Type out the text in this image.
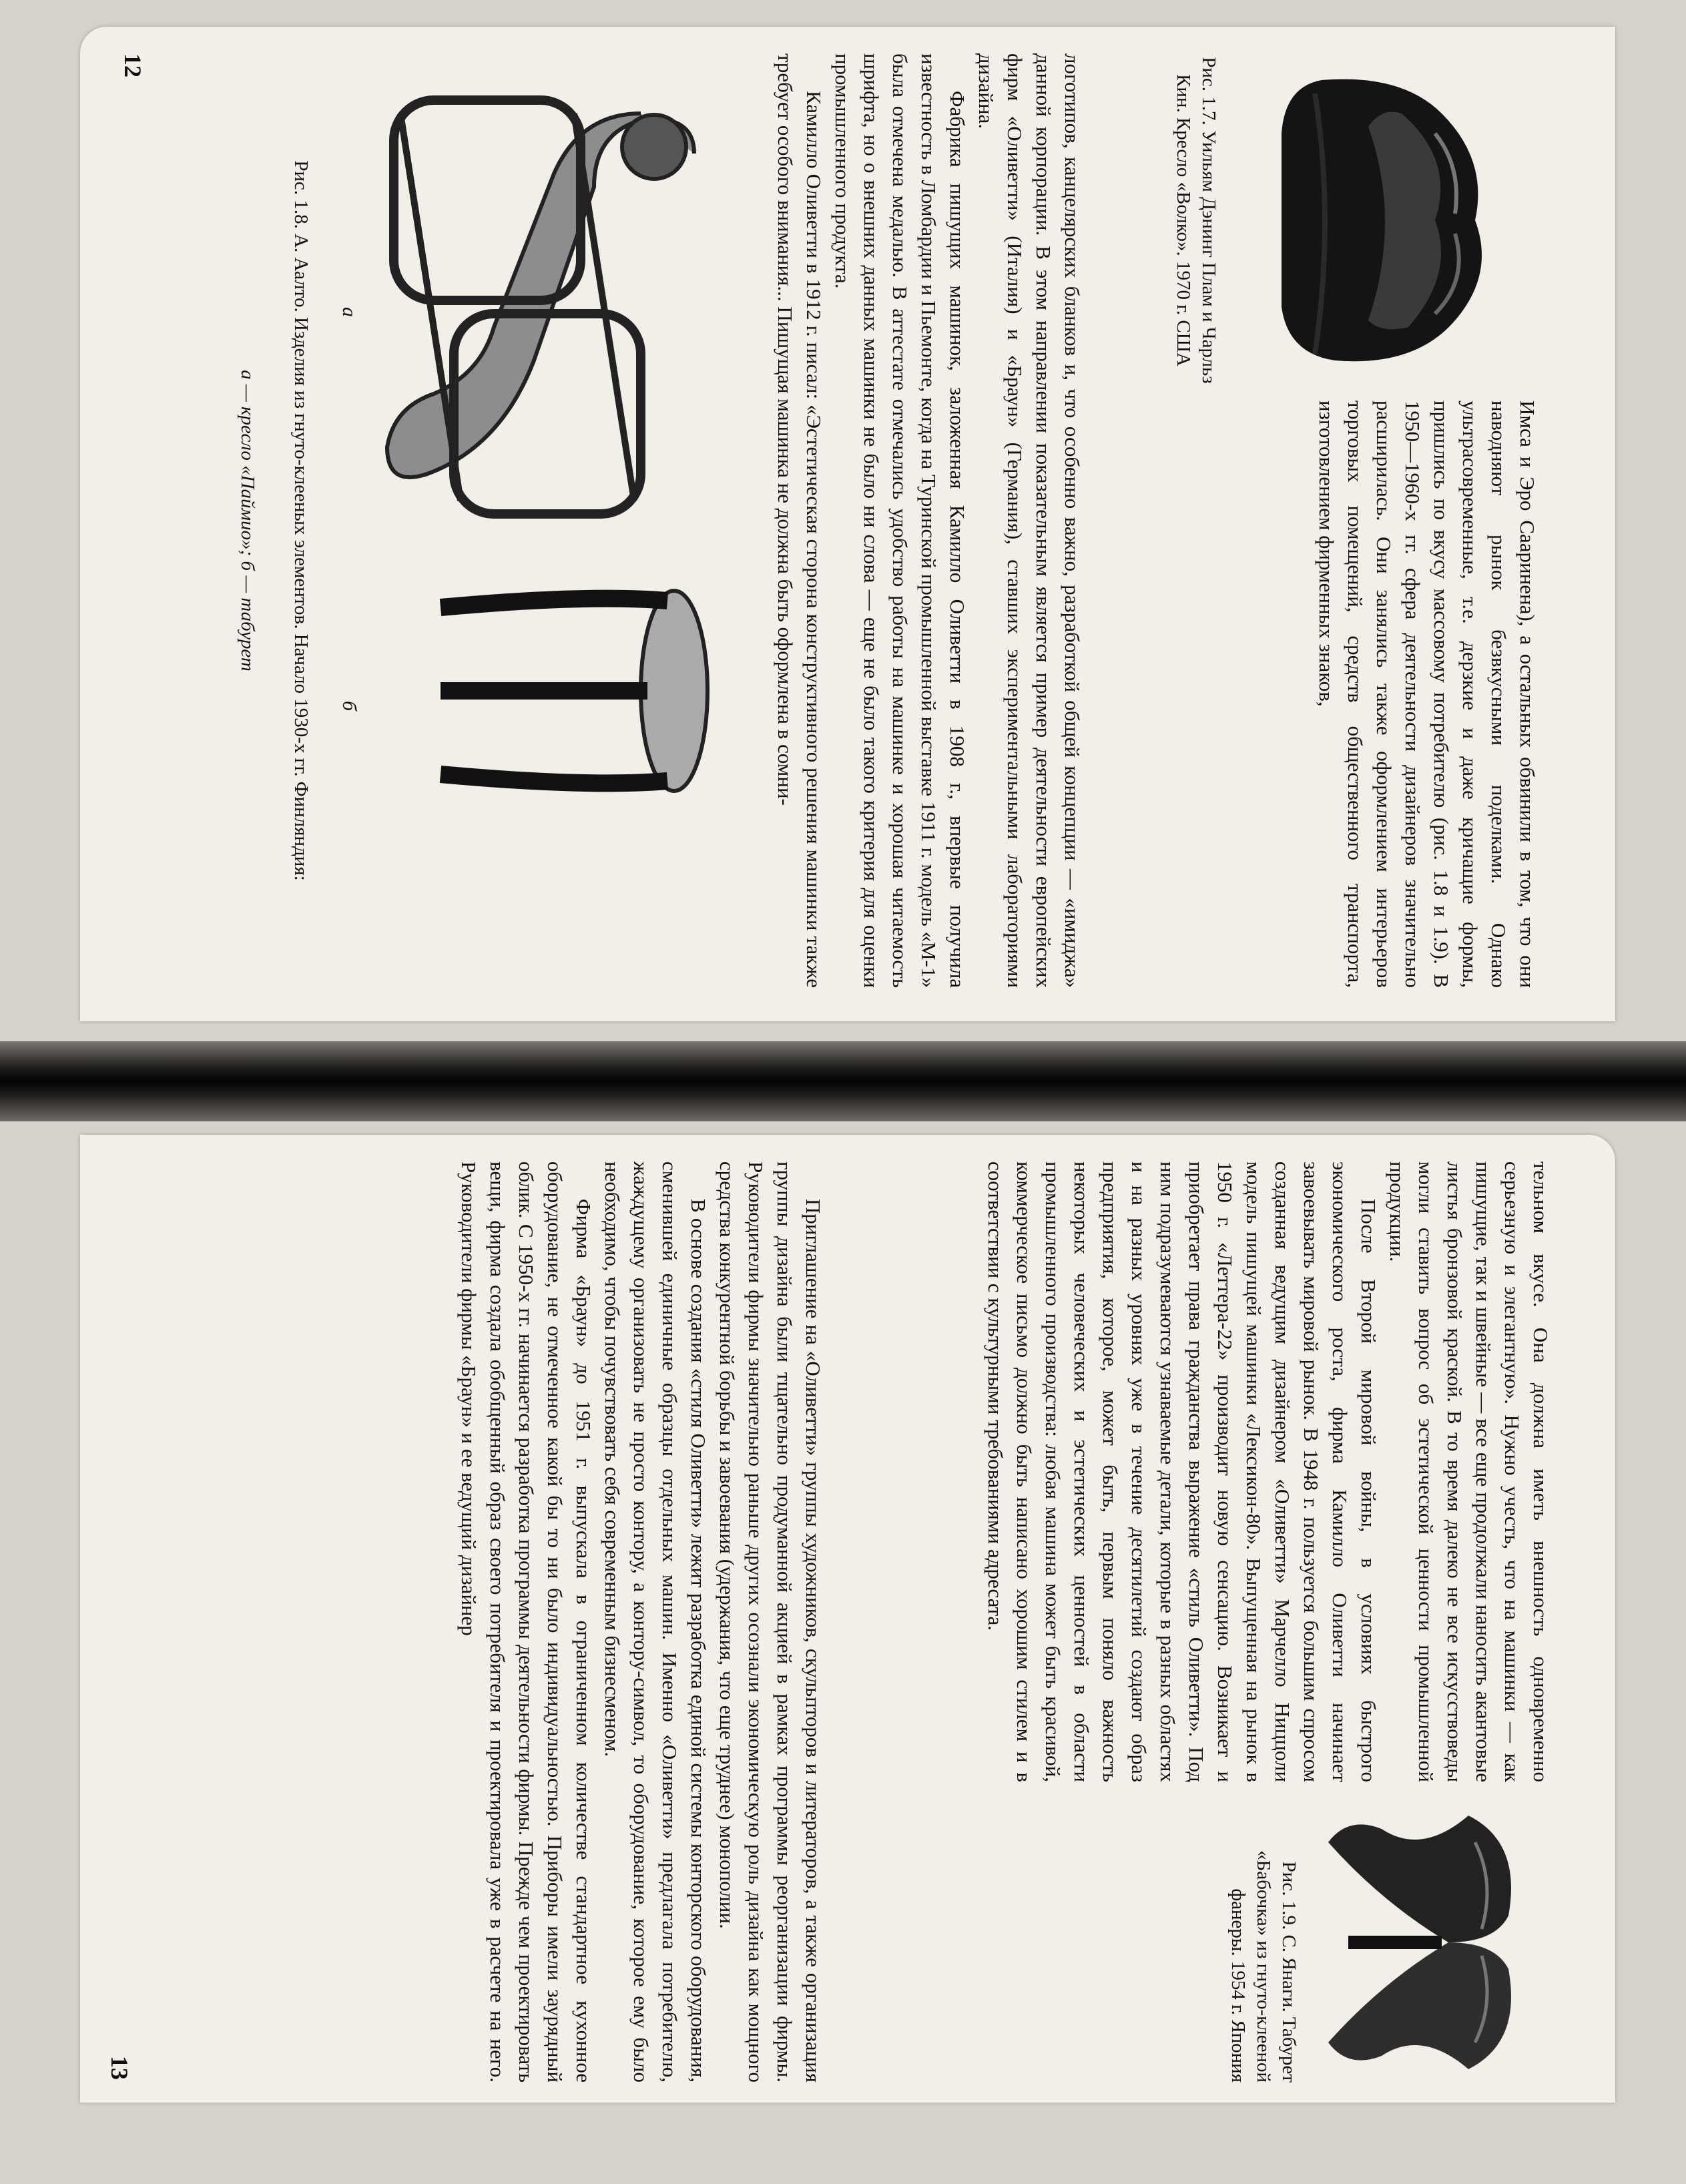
Имса и Эро Сааринена), а остальных обвинили в том, что они наводняют рынок безвкусными поделками. Однако ультрасовременные, т.е. дерзкие и даже кричащие формы, пришлись по вкусу массовому потребителю (рис. 1.8 и 1.9). В 1950—1960-х гг. сфера деятельности дизайнеров значительно расширилась. Они занялись также оформлением интерьеров торговых помещений, средств общественного транспорта, изготовлением фирменных знаков,

Рис. 1.7. Уильям Дэнинг Плам и Чарльз Кин. Кресло «Волко». 1970 г. США

логотипов, канцелярских бланков и, что особенно важно, разработкой общей концепции — «имиджа» данной корпорации. В этом направлении показательным является пример деятельности европейских фирм «Оливетти» (Италия) и «Браун» (Германия), ставших экспериментальными лабораториями дизайна.

Фабрика пишущих машинок, заложенная Камилло Оливетти в 1908 г., впервые получила известность в Ломбардии и Пьемонте, когда на Туринской промышленной выставке 1911 г. модель «М-1» была отмечена медалью. В аттестате отмечались удобство работы на машинке и хорошая читаемость шрифта, но о внешних данных машинки не было ни слова — еще не было такого критерия для оценки промышленного продукта.

Камилло Оливетти в 1912 г. писал: «Эстетическая сторона конструктивного решения машинки также требует особого внимания... Пишущая машинка не должна быть оформлена в сомни-

а
б

Рис. 1.8. А. Аалто. Изделия из гнуто-клееных элементов. Начало 1930-х гг. Финляндия:

а — кресло «Паймио»; б — табурет

12

тельном вкусе. Она должна иметь внешность одновременно серьезную и элегантную». Нужно учесть, что на машинки — как пишущие, так и швейные — все еще продолжали наносить акантовые листья бронзовой краской. В то время далеко не все искусствоведы могли ставить вопрос об эстетической ценности промышленной продукции.

После Второй мировой войны, в условиях быстрого экономического роста, фирма Камилло Оливетти начинает завоевывать мировой рынок. В 1948 г. пользуется большим спросом созданная ведущим дизайнером «Оливетти» Марчелло Ниццоли модель пишущей машинки «Лексикон-80». Выпущенная на рынок в 1950 г. «Леттера-22» производит новую сенсацию. Возникает и приобретает права гражданства выражение «стиль Оливетти». Под ним подразумеваются узнаваемые детали, которые в разных областях и на разных уровнях уже в течение десятилетий создают образ предприятия, которое, может быть, первым поняло важность некоторых человеческих и эстетических ценностей в области промышленного производства: любая машина может быть красивой, коммерческое письмо должно быть написано хорошим стилем и в соответствии с культурными требованиями адресата.

Рис. 1.9. С. Янаги. Табурет «Бабочка» из гнуто-клееной фанеры. 1954 г. Япония

Приглашение на «Оливетти» группы художников, скульпторов и литераторов, а также организация группы дизайна были тщательно продуманной акцией в рамках программы реорганизации фирмы. Руководители фирмы значительно раньше других осознали экономическую роль дизайна как мощного средства конкурентной борьбы и завоевания (удержания, что еще труднее) монополии.

В основе создания «стиля Оливетти» лежит разработка единой системы конторского оборудования, сменившей единичные образцы отдельных машин. Именно «Оливетти» предлагала потребителю, жаждущему организовать не просто контору, а контору-символ, то оборудование, которое ему было необходимо, чтобы почувствовать себя современным бизнесменом.

Фирма «Браун» до 1951 г. выпускала в ограниченном количестве стандартное кухонное оборудование, не отмеченное какой бы то ни было индивидуальностью. Приборы имели заурядный облик. С 1950-х гг. начинается разработка программы деятельности фирмы. Прежде чем проектировать вещи, фирма создала обобщенный образ своего потребителя и проектировала уже в расчете на него. Руководители фирмы «Браун» и ее ведущий дизайнер

13
